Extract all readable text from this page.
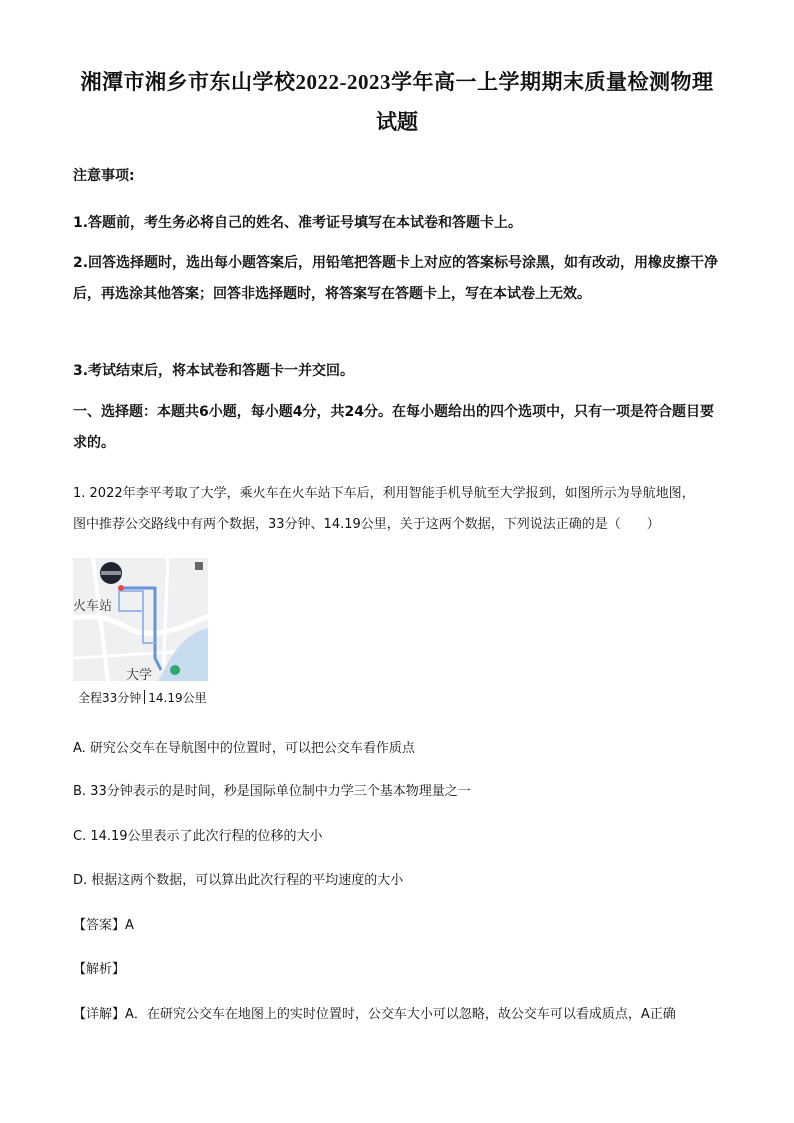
湘潭市湘乡市东山学校2022-2023学年高一上学期期末质量检测物理
试题
注意事项:
1.答题前，考生务必将自己的姓名、准考证号填写在本试卷和答题卡上。
2.回答选择题时，选出每小题答案后，用铅笔把答题卡上对应的答案标号涂黑，如有改动，用橡皮擦干净后，再选涂其他答案；回答非选择题时，将答案写在答题卡上，写在本试卷上无效。
3.考试结束后，将本试卷和答题卡一并交回。
一、选择题：本题共6小题，每小题4分，共24分。在每小题给出的四个选项中，只有一项是符合题目要求的。
1. 2022年李平考取了大学，乘火车在火车站下车后，利用智能手机导航至大学报到，如图所示为导航地图，
图中推荐公交路线中有两个数据，33分钟、14.19公里，关于这两个数据，下列说法正确的是（　　）
火车站
大学
全程33分钟 14.19公里
A. 研究公交车在导航图中的位置时，可以把公交车看作质点
B. 33分钟表示的是时间，秒是国际单位制中力学三个基本物理量之一
C. 14.19公里表示了此次行程的位移的大小
D. 根据这两个数据，可以算出此次行程的平均速度的大小
【答案】A
【解析】
【详解】A．在研究公交车在地图上的实时位置时，公交车大小可以忽略，故公交车可以看成质点，A正确
